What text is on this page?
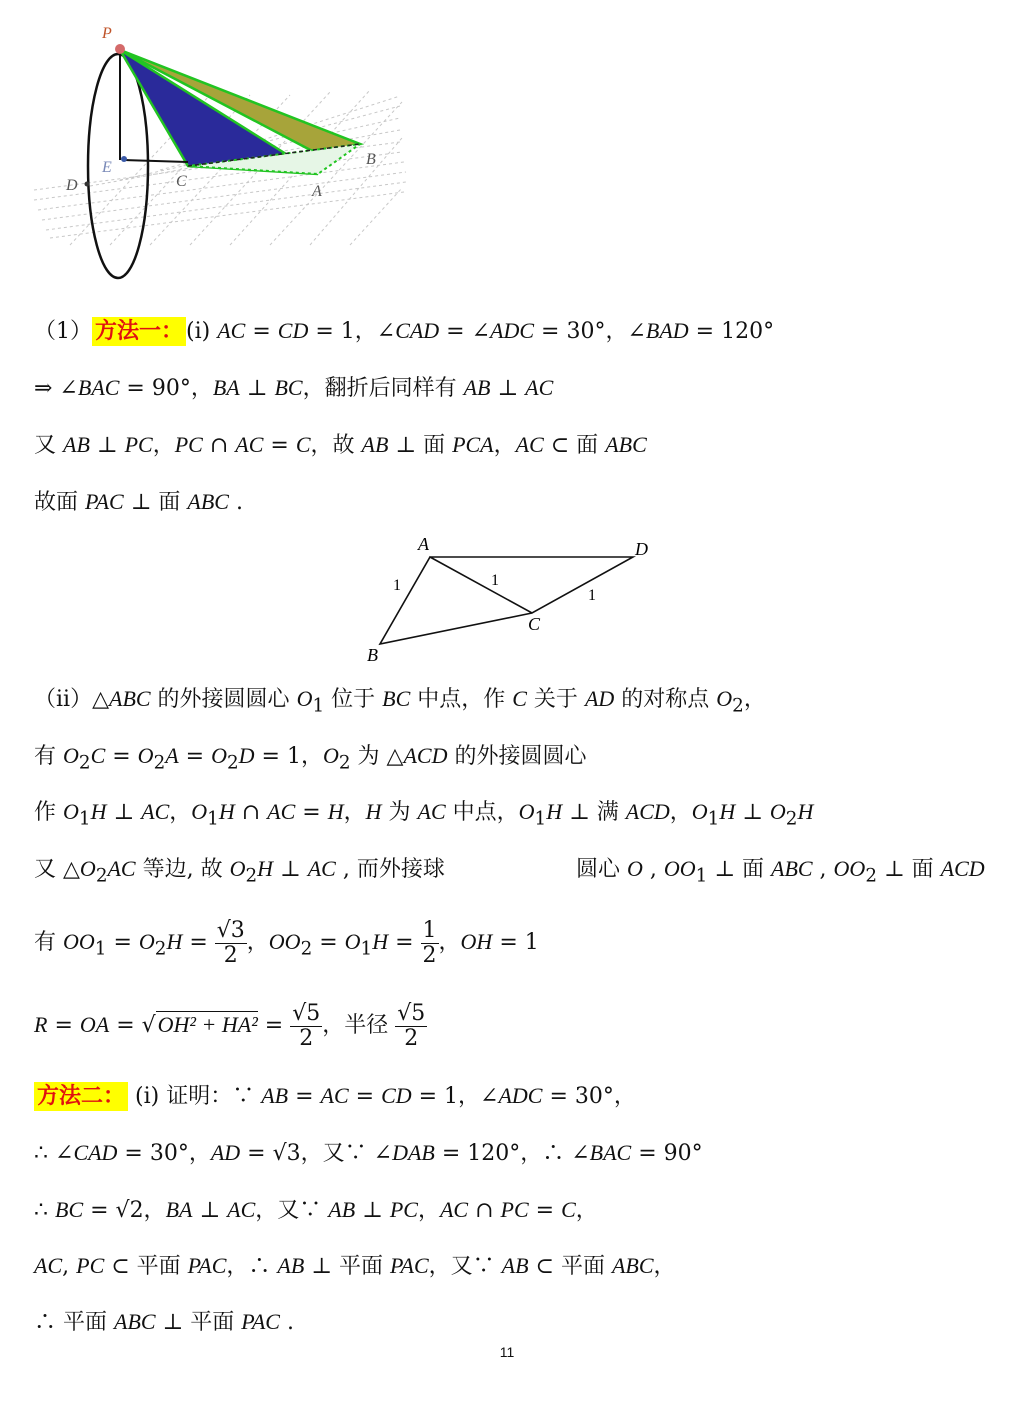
P
E
D	C
A
B
（1） 方法一： (i) AC = CD = 1，∠CAD = ∠ADC = 30°，∠BAD = 120°
⇒ ∠BAC = 90°，BA ⊥ BC，翻折后同样有 AB ⊥ AC
又 AB ⊥ PC，PC ∩ AC = C，故 AB ⊥ 面 PCA，AC ⊂ 面 ABC
故面 PAC ⊥ 面 ABC .
A	D
B
C
1	1
1
（ii）△ABC 的外接圆圆心 $O_1$ 位于 BC 中点，作 C 关于 AD 的对称点 $O_2$，
有 $O_2C = O_2A = O_2D = 1$，$O_2$ 为 △ACD 的外接圆圆心
作 $O_1H$ ⊥ AC，$O_1H$ ∩ AC = H，H 为 AC 中点，$O_1H$ ⊥ 满 ACD，$O_1H$ ⊥ $O_2H$
又 $\triangle O_2AC$ 等边, 故 $O_2H$ ⊥ AC , 而外接球	圆心 O , $OO_1$ ⊥ 面 ABC , $OO_2$ ⊥ 面 ACD
有 $OO_1 = O_2H = \frac{√3}{2}$ ，$OO_2 = O_1H = \frac{1}{2}$ ，OH = 1
R = OA = $√OH^2 + HA^2 = \frac{√5}{2}$ ，半径 $\frac{√5}{2}$
方法二： (i) 证明：∵ AB = AC = CD = 1，∠ADC = 30°，
∴ ∠CAD = 30°，AD = √3，又∵ ∠DAB = 120°，∴ ∠BAC = 90°
∴ BC = √2，BA ⊥ AC，又∵ AB ⊥ PC，AC ∩ PC = C，
AC, PC ⊂ 平面 PAC，∴ AB ⊥ 平面 PAC，又∵ AB ⊂ 平面 ABC，
∴ 平面 ABC ⊥ 平面 PAC .
11
